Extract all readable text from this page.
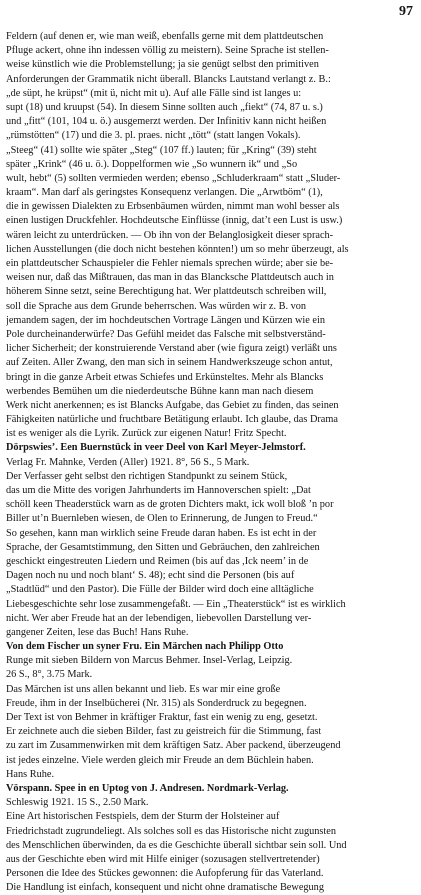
97
Feldern (auf denen er, wie man weiß, ebenfalls gerne mit dem plattdeutschen
Pfluge ackert, ohne ihn indessen völlig zu meistern). Seine Sprache ist stellen-
weise künstlich wie die Problemstellung; ja sie genügt selbst den primitiven
Anforderungen der Grammatik nicht überall. Blancks Lautstand verlangt z. B.:
„de süpt, he krüpst“ (mit ü, nicht mit u). Auf alle Fälle sind ist langes u:
supt (18) und kruupst (54). In diesem Sinne sollten auch „fiekt“ (74, 87 u. s.)
und „fitt“ (101, 104 u. ö.) ausgemerzt werden. Der Infinitiv kann nicht heißen
„rümstötten“ (17) und die 3. pl. praes. nicht „tött“ (statt langen Vokals).
„Steeg“ (41) sollte wie später „Steg“ (107 ff.) lauten; für „Kring“ (39) steht
später „Krink“ (46 u. ö.). Doppelformen wie „So wunnern ik“ und „So
wult, hebt“ (5) sollten vermieden werden; ebenso „Schluderkraam“ statt „Sluder-
kraam“. Man darf als geringstes Konsequenz verlangen. Die „Arwtböm“ (1),
die in gewissen Dialekten zu Erbsenbäumen würden, nimmt man wohl besser als
einen lustigen Druckfehler. Hochdeutsche Einflüsse (innig, dat’t een Lust is usw.)
wären leicht zu unterdrücken. — Ob ihn von der Belanglosigkeit dieser sprach-
lichen Ausstellungen (die doch nicht bestehen könnten!) um so mehr überzeugt, als
ein plattdeutscher Schauspieler die Fehler niemals sprechen würde; aber sie be-
weisen nur, daß das Mißtrauen, das man in das Blancksche Plattdeutsch auch in
höherem Sinne setzt, seine Berechtigung hat. Wer plattdeutsch schreiben will,
soll die Sprache aus dem Grunde beherrschen. Was würden wir z. B. von
jemandem sagen, der im hochdeutschen Vortrage Längen und Kürzen wie ein
Pole durcheinanderwürfe? Das Gefühl meidet das Falsche mit selbstverständ-
licher Sicherheit; der konstruierende Verstand aber (wie figura zeigt) verläßt uns
auf Zeiten. Aller Zwang, den man sich in seinem Handwerkszeuge schon antut,
bringt in die ganze Arbeit etwas Schiefes und Erkünsteltes. Mehr als Blancks
werbendes Bemühen um die niederdeutsche Bühne kann man nach diesem
Werk nicht anerkennen; es ist Blancks Aufgabe, das Gebiet zu finden, das seinen
Fähigkeiten natürliche und fruchtbare Betätigung erlaubt. Ich glaube, das Drama
ist es weniger als die Lyrik. Zurück zur eigenen Natur! Fritz Specht.
Dörpswies’. Een Buernstück in veer Deel von Karl Meyer-Jelmstorf.
Verlag Fr. Mahnke, Verden (Aller) 1921. 8°, 56 S., 5 Mark.
Der Verfasser geht selbst den richtigen Standpunkt zu seinem Stück,
das um die Mitte des vorigen Jahrhunderts im Hannoverschen spielt: „Dat
schöll keen Theaderstück warn as de groten Dichters makt, ick woll bloß ’n por
Biller ut’n Buernleben wiesen, de Olen to Erinnerung, de Jungen to Freud.“
So gesehen, kann man wirklich seine Freude daran haben. Es ist echt in der
Sprache, der Gesamtstimmung, den Sitten und Gebräuchen, den zahlreichen
geschickt eingestreuten Liedern und Reimen (bis auf das ,Ick neem’ in de
Dagen noch nu und noch blant‘ S. 48); echt sind die Personen (bis auf
„Stadtlüd“ und den Pastor). Die Fülle der Bilder wird doch eine alltägliche
Liebesgeschichte sehr lose zusammengefaßt. — Ein „Theaterstück“ ist es wirklich
nicht. Wer aber Freude hat an der lebendigen, liebevollen Darstellung ver-
gangener Zeiten, lese das Buch! Hans Ruhe.
Von dem Fischer un syner Fru. Ein Märchen nach Philipp Otto
Runge mit sieben Bildern von Marcus Behmer. Insel-Verlag, Leipzig.
26 S., 8°, 3.75 Mark.
Das Märchen ist uns allen bekannt und lieb. Es war mir eine große
Freude, ihm in der Inselbücherei (Nr. 315) als Sonderdruck zu begegnen.
Der Text ist von Behmer in kräftiger Fraktur, fast ein wenig zu eng, gesetzt.
Er zeichnete auch die sieben Bilder, fast zu geistreich für die Stimmung, fast
zu zart im Zusammenwirken mit dem kräftigen Satz. Aber packend, überzeugend
ist jedes einzelne. Viele werden gleich mir Freude an dem Büchlein haben.
Hans Ruhe.
Vörspann. Spee in en Uptog von J. Andresen. Nordmark-Verlag.
Schleswig 1921. 15 S., 2.50 Mark.
Eine Art historischen Festspiels, dem der Sturm der Holsteiner auf
Friedrichstadt zugrundeliegt. Als solches soll es das Historische nicht zugunsten
des Menschlichen überwinden, da es die Geschichte überall sichtbar sein soll. Und
aus der Geschichte eben wird mit Hilfe einiger (sozusagen stellvertretender)
Personen die Idee des Stückes gewonnen: die Aufopferung für das Vaterland.
Die Handlung ist einfach, konsequent und nicht ohne dramatische Bewegung
